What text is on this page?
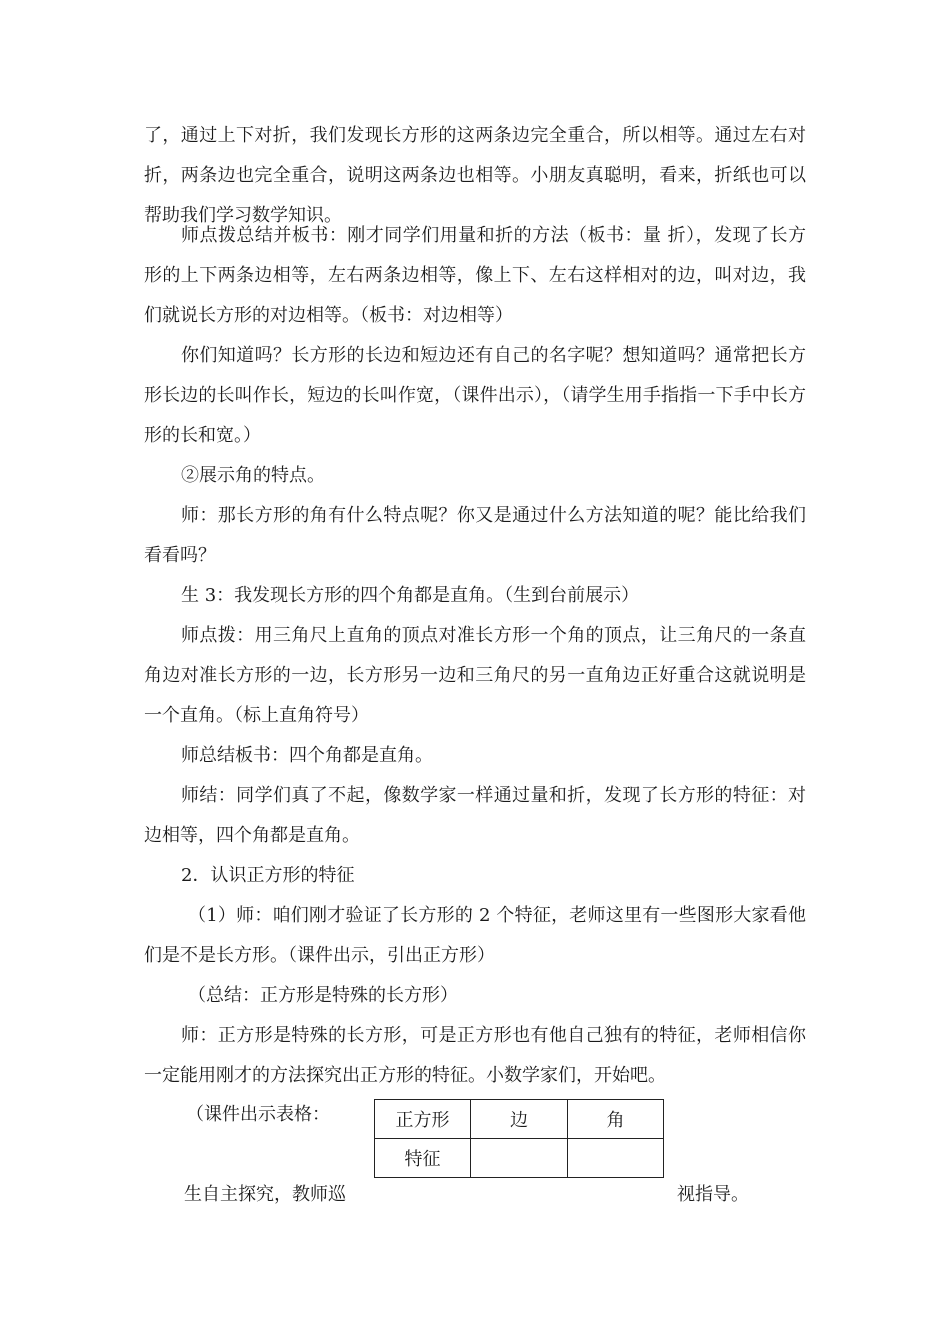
了，通过上下对折，我们发现长方形的这两条边完全重合，所以相等。通过左右对折，两条边也完全重合，说明这两条边也相等。小朋友真聪明，看来，折纸也可以帮助我们学习数学知识。

师点拨总结并板书：刚才同学们用量和折的方法（板书：量 折），发现了长方形的上下两条边相等，左右两条边相等，像上下、左右这样相对的边，叫对边，我们就说长方形的对边相等。（板书：对边相等）

你们知道吗？长方形的长边和短边还有自己的名字呢？想知道吗？通常把长方形长边的长叫作长，短边的长叫作宽，（课件出示），（请学生用手指指一下手中长方形的长和宽。）

②展示角的特点。

师：那长方形的角有什么特点呢？你又是通过什么方法知道的呢？能比给我们看看吗？

生 3：我发现长方形的四个角都是直角。（生到台前展示）

师点拨：用三角尺上直角的顶点对准长方形一个角的顶点，让三角尺的一条直角边对准长方形的一边，长方形另一边和三角尺的另一直角边正好重合这就说明是一个直角。（标上直角符号）

师总结板书：四个角都是直角。

师结：同学们真了不起，像数学家一样通过量和折，发现了长方形的特征：对边相等，四个角都是直角。

2．认识正方形的特征

（1）师：咱们刚才验证了长方形的 2 个特征，老师这里有一些图形大家看他们是不是长方形。（课件出示，引出正方形）

（总结：正方形是特殊的长方形）

师：正方形是特殊的长方形，可是正方形也有他自己独有的特征，老师相信你一定能用刚才的方法探究出正方形的特征。小数学家们，开始吧。

（课件出示表格：	正方形	边	角
特征		
生自主探究，教师巡	视指导。
